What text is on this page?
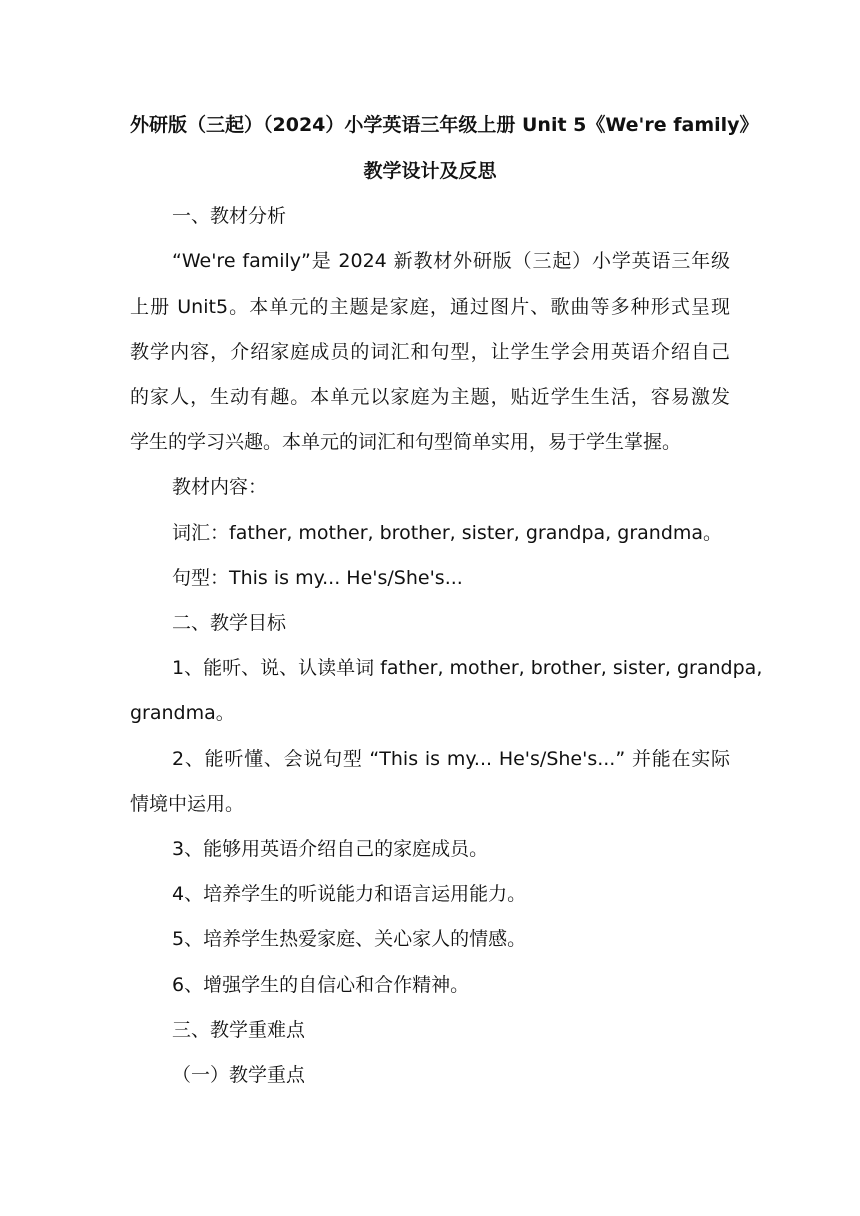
外研版（三起）（2024）小学英语三年级上册 Unit 5《We're family》
教学设计及反思
一、教材分析
“We're family”是 2024 新教材外研版（三起）小学英语三年级
上册 Unit5。本单元的主题是家庭，通过图片、歌曲等多种形式呈现
教学内容，介绍家庭成员的词汇和句型，让学生学会用英语介绍自己
的家人，生动有趣。本单元以家庭为主题，贴近学生生活，容易激发
学生的学习兴趣。本单元的词汇和句型简单实用，易于学生掌握。
教材内容：
词汇：father, mother, brother, sister, grandpa, grandma。
句型：This is my... He's/She's...
二、教学目标
1、能听、说、认读单词 father, mother, brother, sister, grandpa,
grandma。
2、能听懂、会说句型 “This is my... He's/She's...” 并能在实际
情境中运用。
3、能够用英语介绍自己的家庭成员。
4、培养学生的听说能力和语言运用能力。
5、培养学生热爱家庭、关心家人的情感。
6、增强学生的自信心和合作精神。
三、教学重难点
（一）教学重点
